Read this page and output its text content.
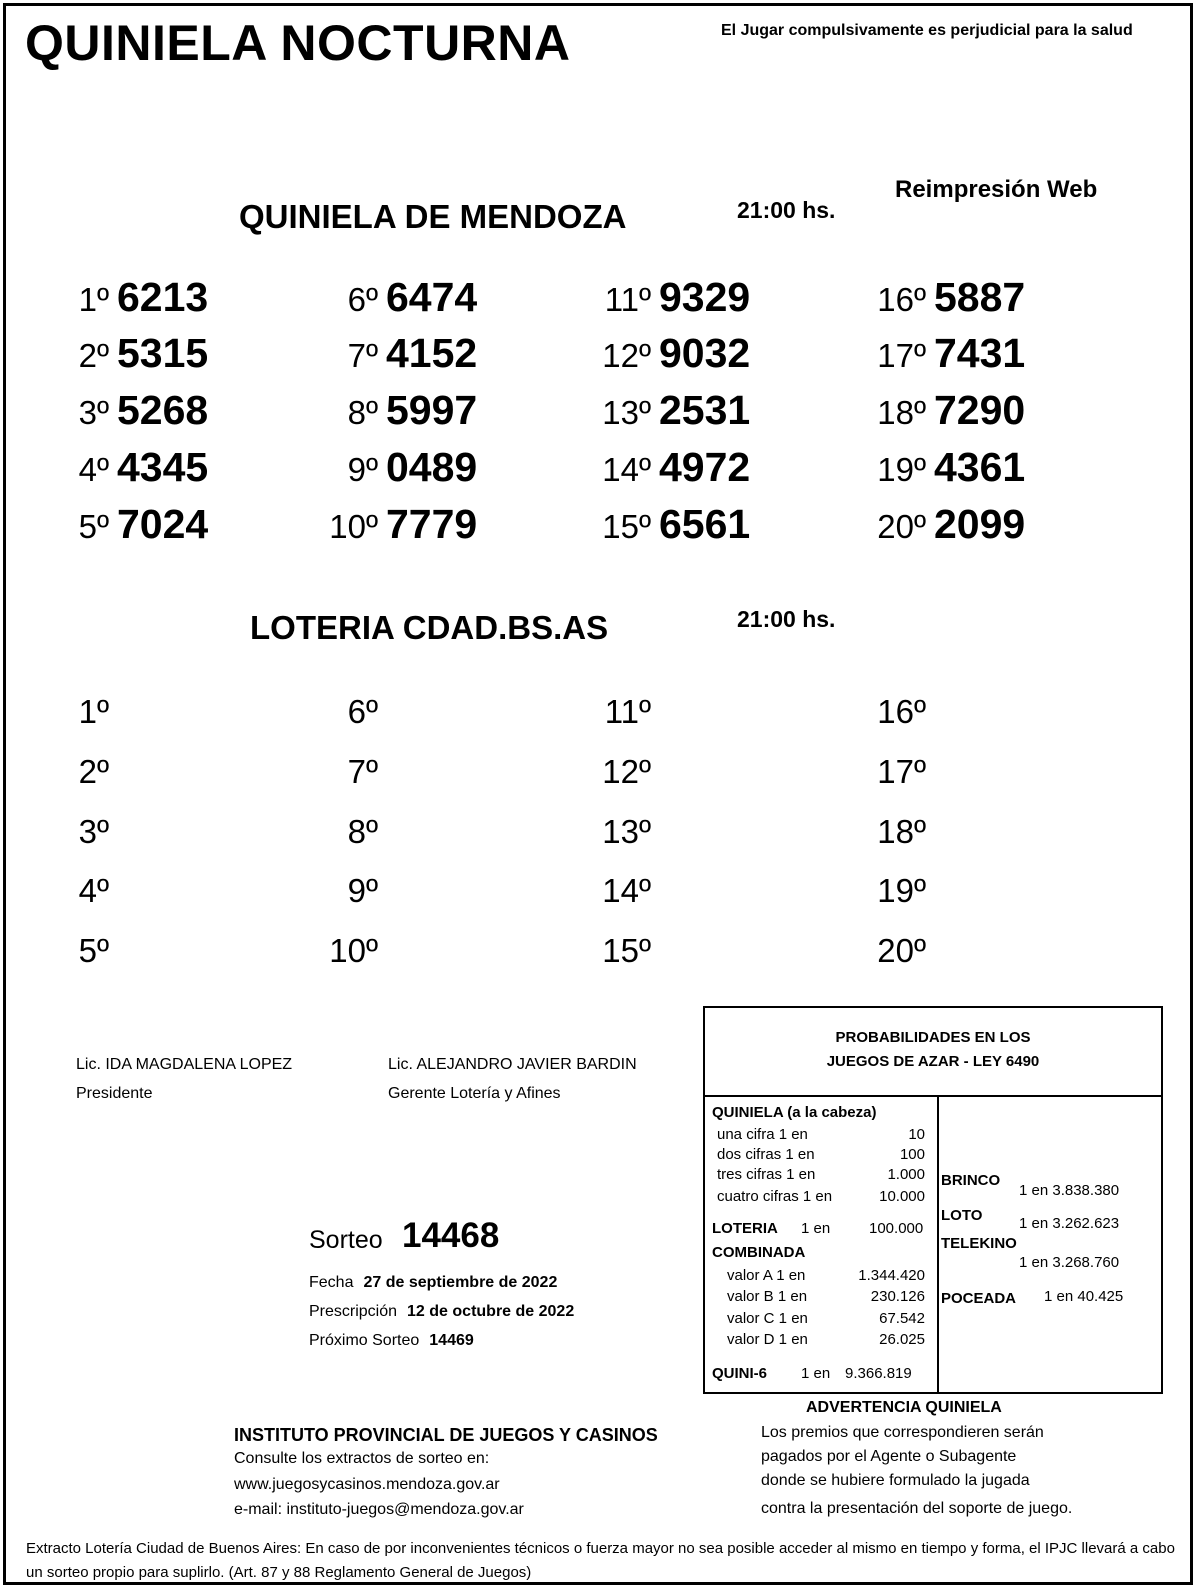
QUINIELA NOCTURNA	El Jugar compulsivamente es perjudicial para la salud
Reimpresión Web
QUINIELA DE MENDOZA	21:00 hs.
1º 6213
2º 5315
3º 5268
4º 4345
5º 7024
6º 6474
7º 4152
8º 5997
9º 0489
10º 7779
11º 9329
12º 9032
13º 2531
14º 4972
15º 6561
16º 5887
17º 7431
18º 7290
19º 4361
20º 2099
LOTERIA CDAD.BS.AS	21:00 hs.
1º
2º
3º
4º
5º
6º
7º
8º
9º
10º
11º
12º
13º
14º
15º
16º
17º
18º
19º
20º
Lic. IDA MAGDALENA LOPEZ
Presidente
Lic. ALEJANDRO JAVIER BARDIN
Gerente Lotería y Afines
Sorteo 14468
Fecha 27 de septiembre de 2022
Prescripción 12 de octubre de 2022
Próximo Sorteo 14469
PROBABILIDADES EN LOS
JUEGOS DE AZAR - LEY 6490
QUINIELA (a la cabeza)
una cifra 1 en	10
dos cifras 1 en	100
tres cifras 1 en	1.000
cuatro cifras 1 en	10.000
LOTERIA 1 en	100.000
COMBINADA
valor A 1 en	1.344.420
valor B 1 en	230.126
valor C 1 en	67.542
valor D 1 en	26.025
QUINI-6 1 en 9.366.819
BRINCO
1 en 3.838.380
LOTO 1 en 3.262.623
TELEKINO
1 en 3.268.760
POCEADA 1 en 40.425
ADVERTENCIA QUINIELA
Los premios que correspondieren serán
pagados por el Agente o Subagente
donde se hubiere formulado la jugada
contra la presentación del soporte de juego.
INSTITUTO PROVINCIAL DE JUEGOS Y CASINOS
Consulte los extractos de sorteo en:
www.juegosycasinos.mendoza.gov.ar
e-mail: instituto-juegos@mendoza.gov.ar
Extracto Lotería Ciudad de Buenos Aires: En caso de por inconvenientes técnicos o fuerza mayor no sea posible acceder al mismo en tiempo y forma, el IPJC llevará a cabo un sorteo propio para suplirlo. (Art. 87 y 88 Reglamento General de Juegos)
